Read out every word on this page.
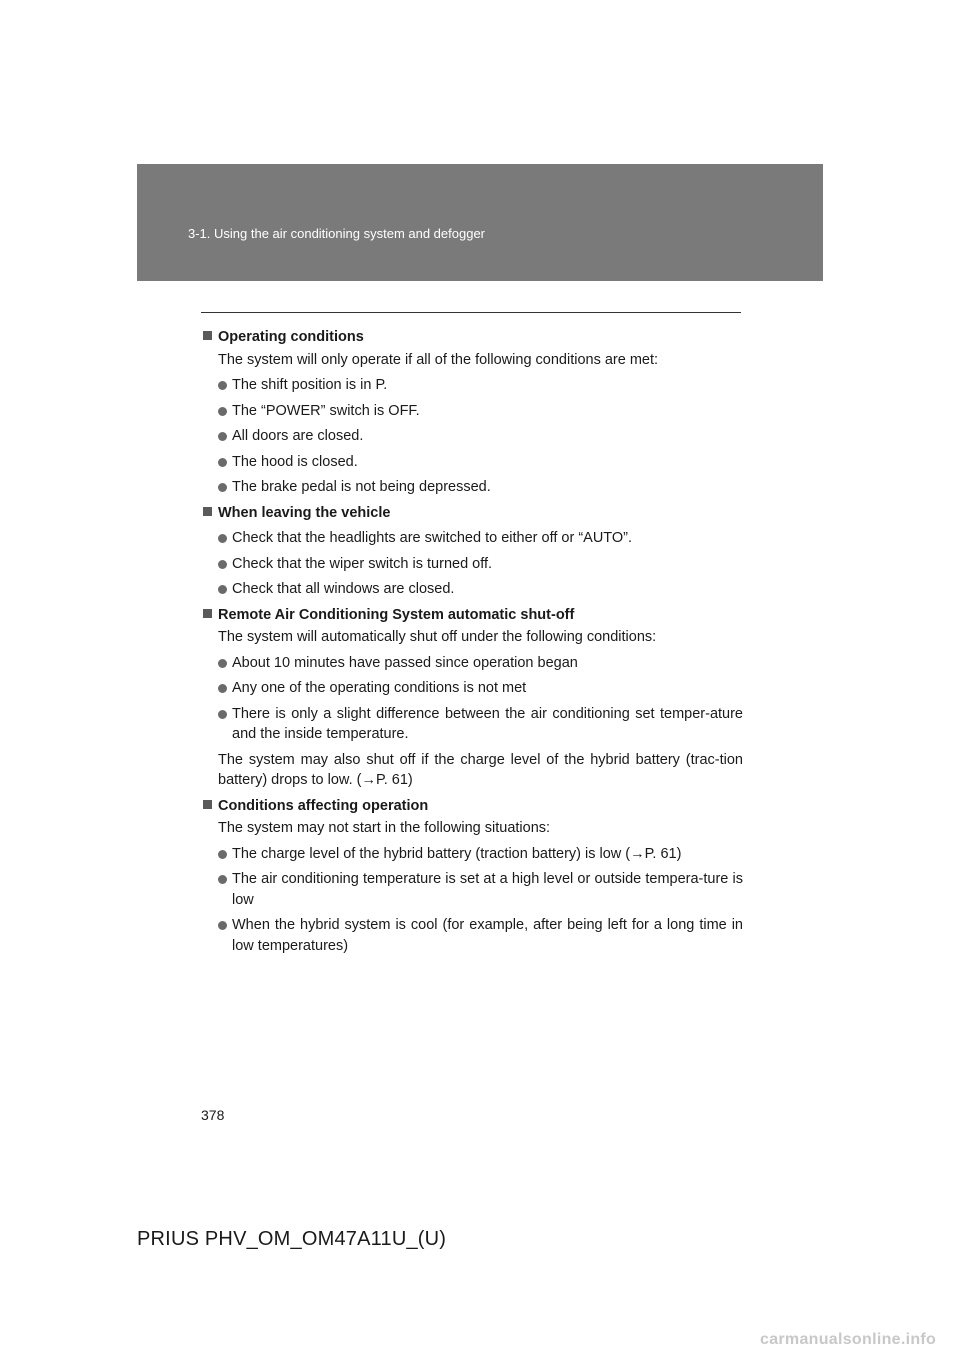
3-1. Using the air conditioning system and defogger
Operating conditions

The system will only operate if all of the following conditions are met:

The shift position is in P.
The “POWER” switch is OFF.
All doors are closed.
The hood is closed.
The brake pedal is not being depressed.
When leaving the vehicle
Check that the headlights are switched to either off or “AUTO”.
Check that the wiper switch is turned off.
Check that all windows are closed.
Remote Air Conditioning System automatic shut-off

The system will automatically shut off under the following conditions:

About 10 minutes have passed since operation began
Any one of the operating conditions is not met
There is only a slight difference between the air conditioning set temper-ature and the inside temperature.

The system may also shut off if the charge level of the hybrid battery (trac-tion battery) drops to low. (→P. 61)

Conditions affecting operation

The system may not start in the following situations:

The charge level of the hybrid battery (traction battery) is low (→P. 61)
The air conditioning temperature is set at a high level or outside tempera-ture is low
When the hybrid system is cool (for example, after being left for a long time in low temperatures)
378
PRIUS PHV_OM_OM47A11U_(U)
carmanualsonline.info
